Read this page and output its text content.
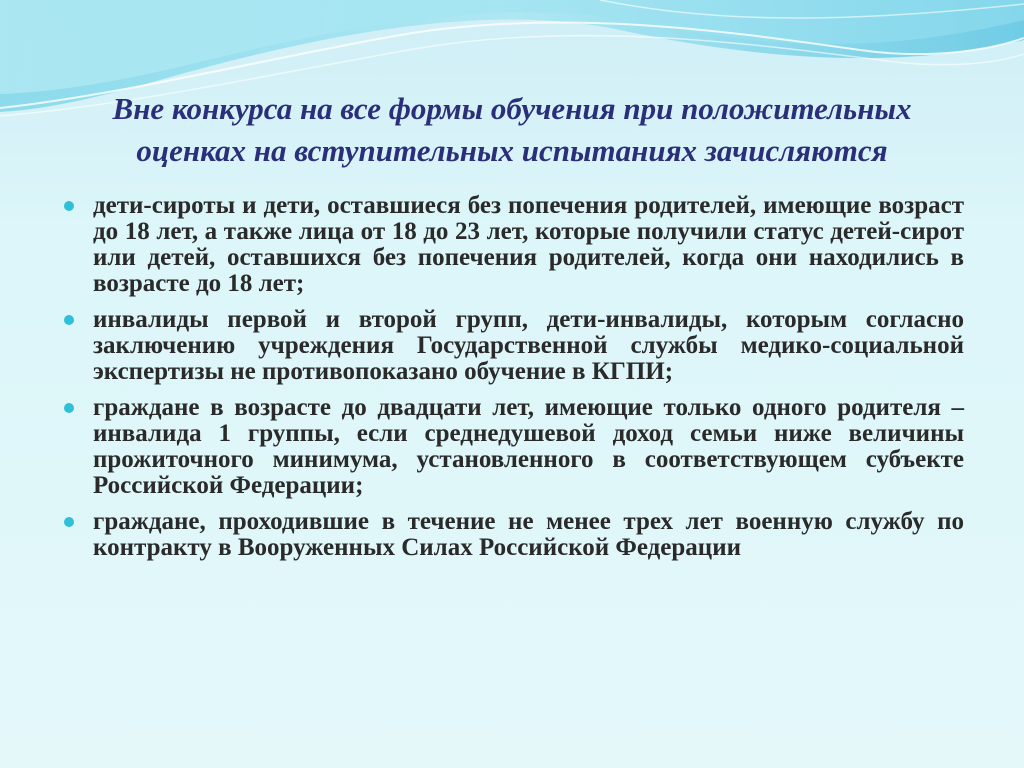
Вне конкурса на все формы обучения при положительных
оценках на вступительных испытаниях зачисляются
дети-сироты и дети, оставшиеся без попечения родителей, имеющие возраст до 18 лет, а также лица от 18 до 23 лет, которые получили статус детей-сирот или детей, оставшихся без попечения родителей, когда они находились в возрасте до 18 лет;
инвалиды первой и второй групп, дети-инвалиды, которым согласно заключению учреждения Государственной службы медико-социальной экспертизы не противопоказано обучение в КГПИ;
граждане в возрасте до двадцати лет, имеющие только одного родителя – инвалида 1 группы, если среднедушевой доход семьи ниже величины прожиточного минимума, установленного в соответствующем субъекте Российской Федерации;
граждане, проходившие в течение не менее трех лет военную службу по контракту в Вооруженных Силах Российской Федерации
